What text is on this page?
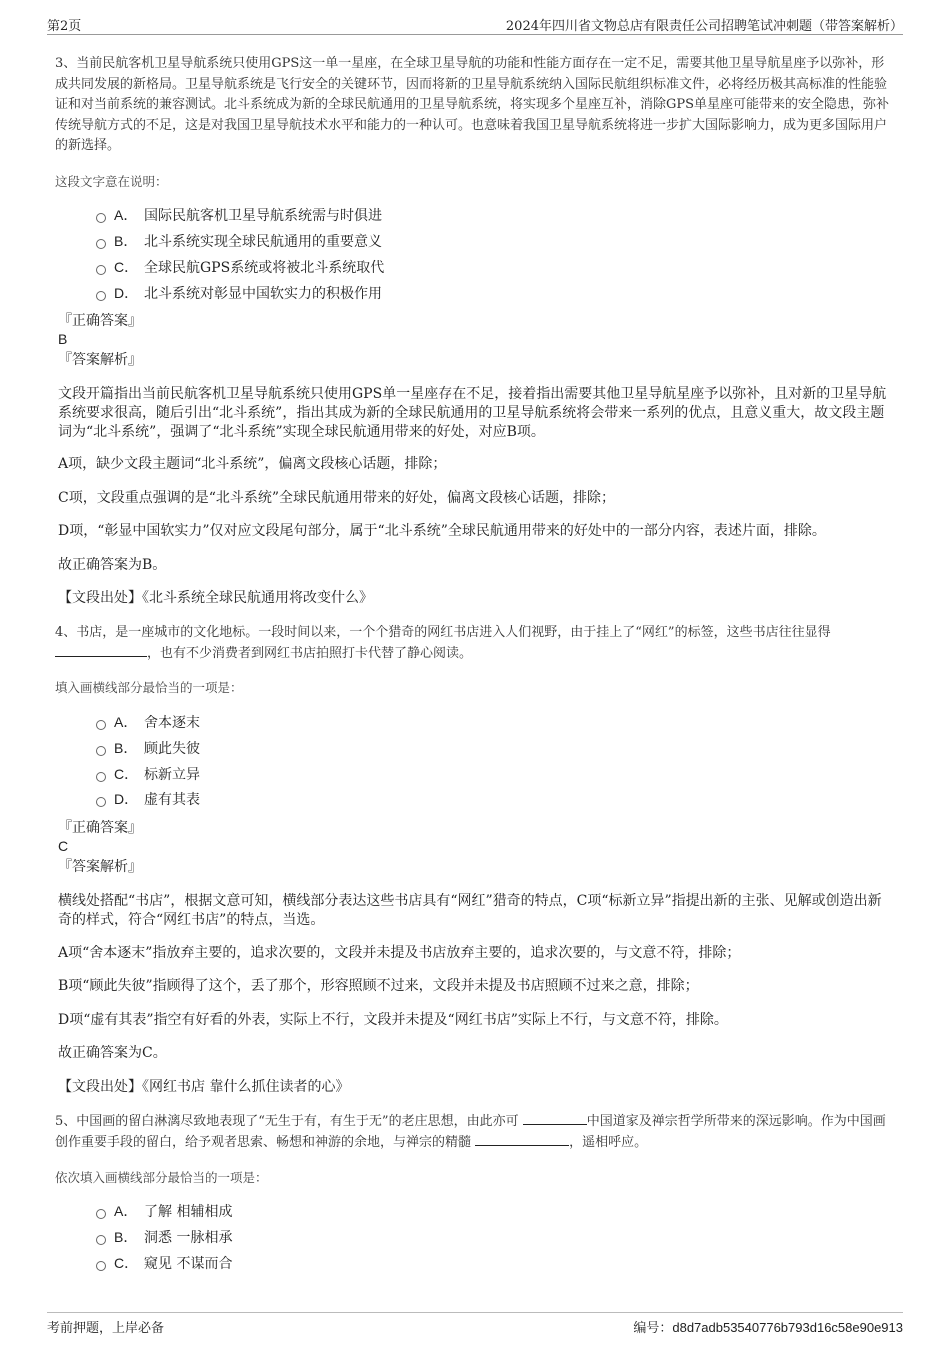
第2页	2024年四川省文物总店有限责任公司招聘笔试冲刺题（带答案解析）
3、当前民航客机卫星导航系统只使用GPS这一单一星座，在全球卫星导航的功能和性能方面存在一定不足，需要其他卫星导航星座予以弥补，形成共同发展的新格局。卫星导航系统是飞行安全的关键环节，因而将新的卫星导航系统纳入国际民航组织标准文件，必将经历极其高标准的性能验证和对当前系统的兼容测试。北斗系统成为新的全球民航通用的卫星导航系统，将实现多个星座互补，消除GPS单星座可能带来的安全隐患，弥补传统导航方式的不足，这是对我国卫星导航技术水平和能力的一种认可。也意味着我国卫星导航系统将进一步扩大国际影响力，成为更多国际用户的新选择。
这段文字意在说明：
A． 国际民航客机卫星导航系统需与时俱进
B． 北斗系统实现全球民航通用的重要意义
C． 全球民航GPS系统或将被北斗系统取代
D． 北斗系统对彰显中国软实力的积极作用
『正确答案』
B
『答案解析』
文段开篇指出当前民航客机卫星导航系统只使用GPS单一星座存在不足，接着指出需要其他卫星导航星座予以弥补，且对新的卫星导航系统要求很高，随后引出“北斗系统”，指出其成为新的全球民航通用的卫星导航系统将会带来一系列的优点，且意义重大，故文段主题词为“北斗系统”，强调了“北斗系统”实现全球民航通用带来的好处，对应B项。
A项，缺少文段主题词“北斗系统”，偏离文段核心话题，排除；
C项，文段重点强调的是“北斗系统”全球民航通用带来的好处，偏离文段核心话题，排除；
D项，“彰显中国软实力”仅对应文段尾句部分，属于“北斗系统”全球民航通用带来的好处中的一部分内容，表述片面，排除。
故正确答案为B。
【文段出处】《北斗系统全球民航通用将改变什么》
4、书店，是一座城市的文化地标。一段时间以来，一个个猎奇的网红书店进入人们视野，由于挂上了“网红”的标签，这些书店往往显得
，也有不少消费者到网红书店拍照打卡代替了静心阅读。
填入画横线部分最恰当的一项是：
A． 舍本逐末
B． 顾此失彼
C． 标新立异
D． 虚有其表
『正确答案』
C
『答案解析』
横线处搭配“书店”，根据文意可知，横线部分表达这些书店具有“网红”猎奇的特点，C项“标新立异”指提出新的主张、见解或创造出新奇的样式，符合“网红书店”的特点，当选。
A项“舍本逐末”指放弃主要的，追求次要的，文段并未提及书店放弃主要的，追求次要的，与文意不符，排除；
B项“顾此失彼”指顾得了这个，丢了那个，形容照顾不过来，文段并未提及书店照顾不过来之意，排除；
D项“虚有其表”指空有好看的外表，实际上不行，文段并未提及“网红书店”实际上不行，与文意不符，排除。
故正确答案为C。
【文段出处】《网红书店 靠什么抓住读者的心》
5、中国画的留白淋漓尽致地表现了“无生于有，有生于无”的老庄思想，由此亦可	中国道家及禅宗哲学所带来的深远影响。作为中国画创作重要手段的留白，给予观者思索、畅想和神游的余地，与禅宗的精髓	，遥相呼应。
依次填入画横线部分最恰当的一项是：
A． 了解 相辅相成
B． 洞悉 一脉相承
C． 窥见 不谋而合
考前押题，上岸必备	编号：d8d7adb53540776b793d16c58e90e913
